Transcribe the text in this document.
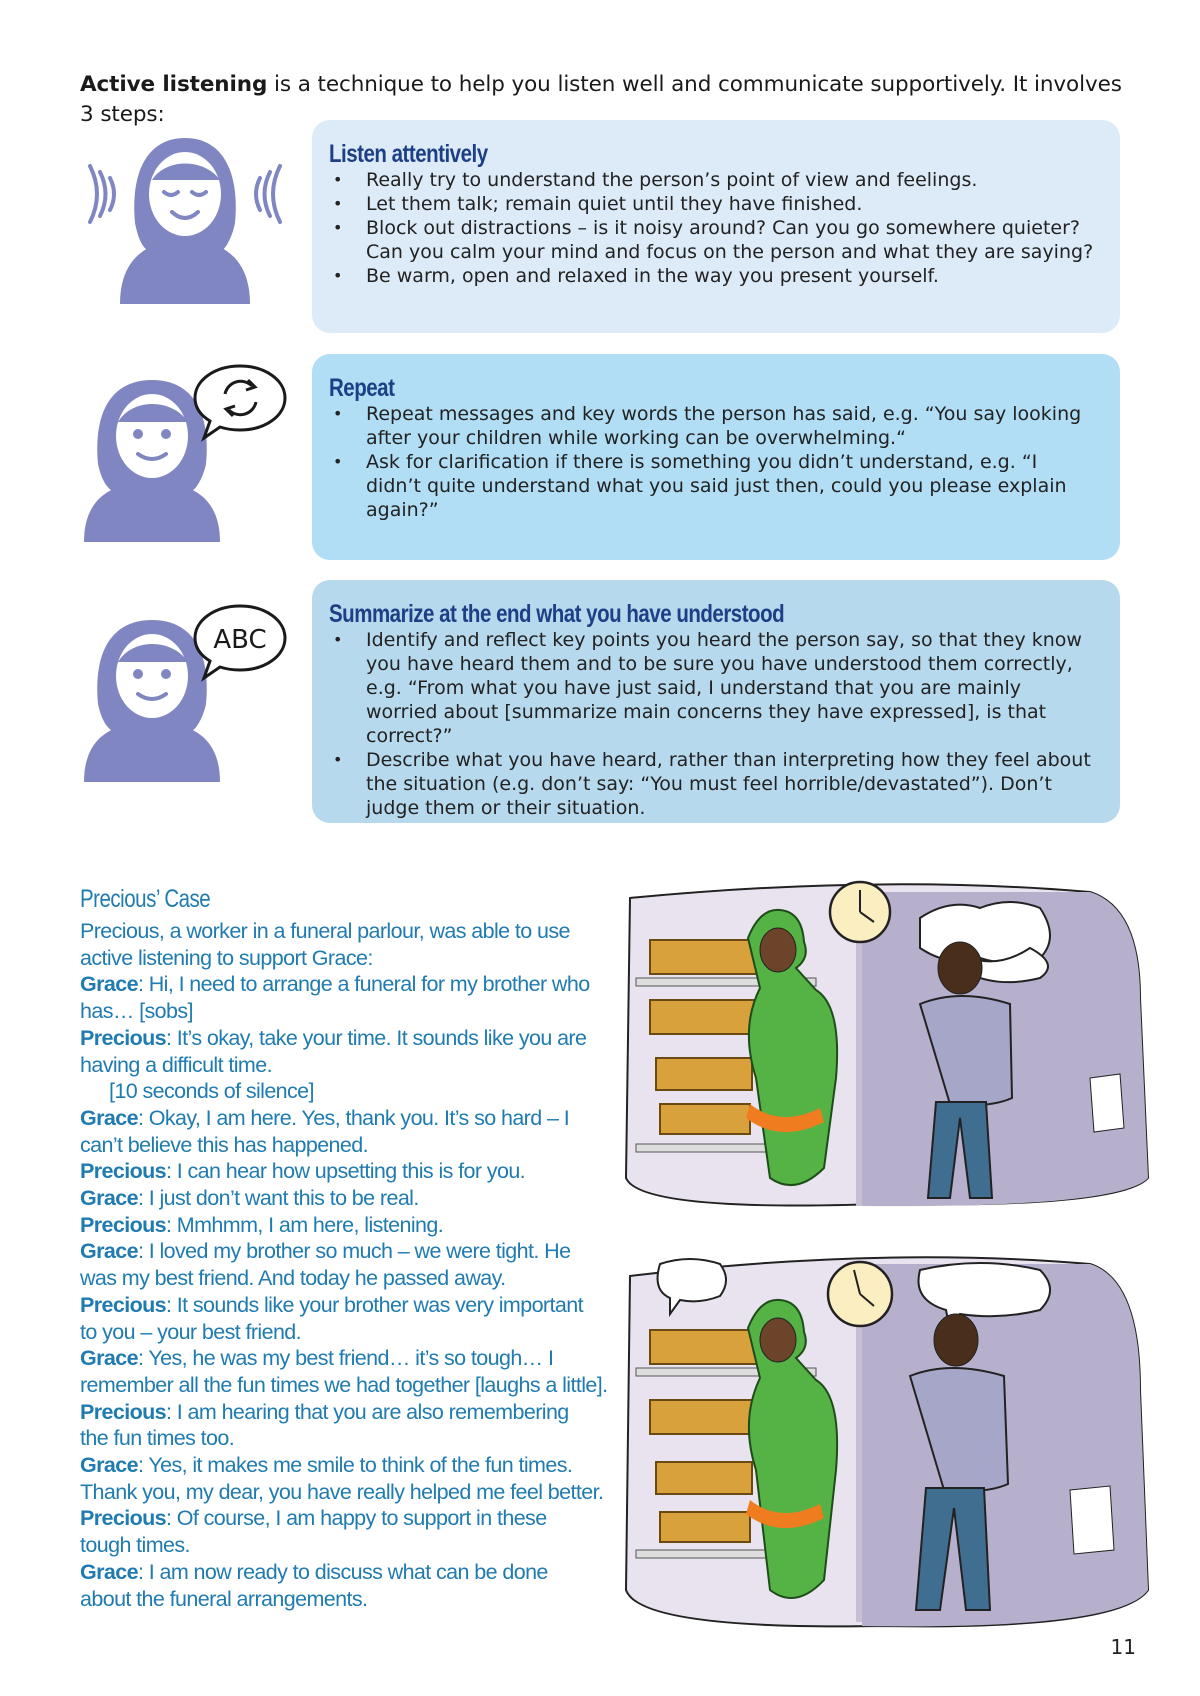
Active listening is a technique to help you listen well and communicate supportively. It involves 3 steps:

Listen attentively
• Really try to understand the person’s point of view and feelings.
• Let them talk; remain quiet until they have finished.
• Block out distractions – is it noisy around? Can you go somewhere quieter? Can you calm your mind and focus on the person and what they are saying?
• Be warm, open and relaxed in the way you present yourself.
Repeat
• Repeat messages and key words the person has said, e.g. “You say looking after your children while working can be overwhelming.“
• Ask for clarification if there is something you didn’t understand, e.g. “I didn’t quite understand what you said just then, could you please explain again?”
ABC
Summarize at the end what you have understood
• Identify and reflect key points you heard the person say, so that they know you have heard them and to be sure you have understood them correctly, e.g. “From what you have just said, I understand that you are mainly worried about [summarize main concerns they have expressed], is that correct?”
• Describe what you have heard, rather than interpreting how they feel about the situation (e.g. don’t say: “You must feel horrible/devastated”). Don’t judge them or their situation.
Precious’ Case
Precious, a worker in a funeral parlour, was able to use
active listening to support Grace:
Grace: Hi, I need to arrange a funeral for my brother who
has… [sobs]
Precious: It’s okay, take your time. It sounds like you are
having a difficult time.
[10 seconds of silence]
Grace: Okay, I am here. Yes, thank you. It’s so hard – I
can’t believe this has happened.
Precious: I can hear how upsetting this is for you.
Grace: I just don’t want this to be real.
Precious: Mmhmm, I am here, listening.
Grace: I loved my brother so much – we were tight. He
was my best friend. And today he passed away.
Precious: It sounds like your brother was very important
to you – your best friend.
Grace: Yes, he was my best friend… it’s so tough… I
remember all the fun times we had together [laughs a little].
Precious: I am hearing that you are also remembering
the fun times too.
Grace: Yes, it makes me smile to think of the fun times.
Thank you, my dear, you have really helped me feel better.
Precious: Of course, I am happy to support in these
tough times.
Grace: I am now ready to discuss what can be done
about the funeral arrangements.
11
